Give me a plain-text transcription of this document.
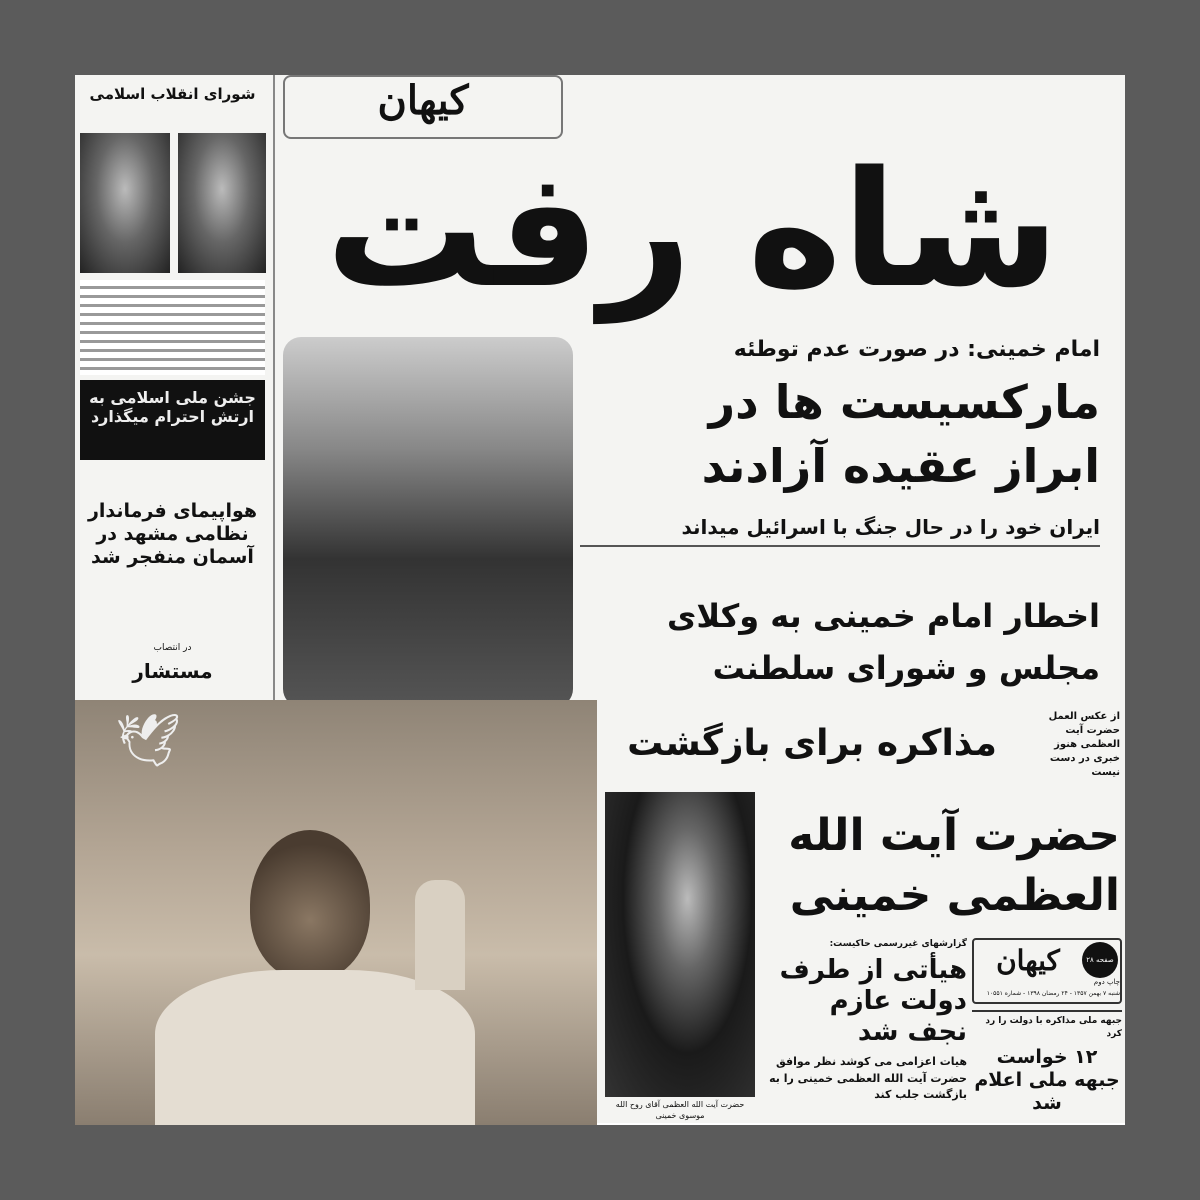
شورای انقلاب اسلامی
جشن ملی اسلامی به ارتش احترام میگذارد
هواپیمای فرماندار نظامی مشهد در آسمان منفجر شد
در انتصاب
مستشار
کیهان
شاه رفت
امام خمینی: در صورت عدم توطئه
مارکسیست ها در
ابراز عقیده آزادند
ایران خود را در حال جنگ با اسرائیل میداند
اخطار امام خمینی به وکلای
مجلس و شورای سلطنت
🕊	مذاکره برای بازگشت
از عکس العمل حضرت آیت العظمی هنوز خبری در دست نیست
حضرت آیت الله العظمی آقای روح الله موسوی خمینی
حضرت آیت الله
العظمی خمینی
کیهان	۲۸ صفحه
چاپ دوم
شنبه ۷ بهمن ۱۳۵۷ - ۲۴ رمضان ۱۳۹۸ - شماره ۱۰۵۵۱
گزارشهای غیررسمی حاکیست:
هیأتی از طرف دولت عازم نجف شد
هیات اعزامی می کوشد نظر موافق حضرت آیت الله العظمی خمینی را به بازگشت جلب کند
جبهه ملی مذاکره با دولت را رد کرد
۱۲ خواست جبهه ملی اعلام شد
